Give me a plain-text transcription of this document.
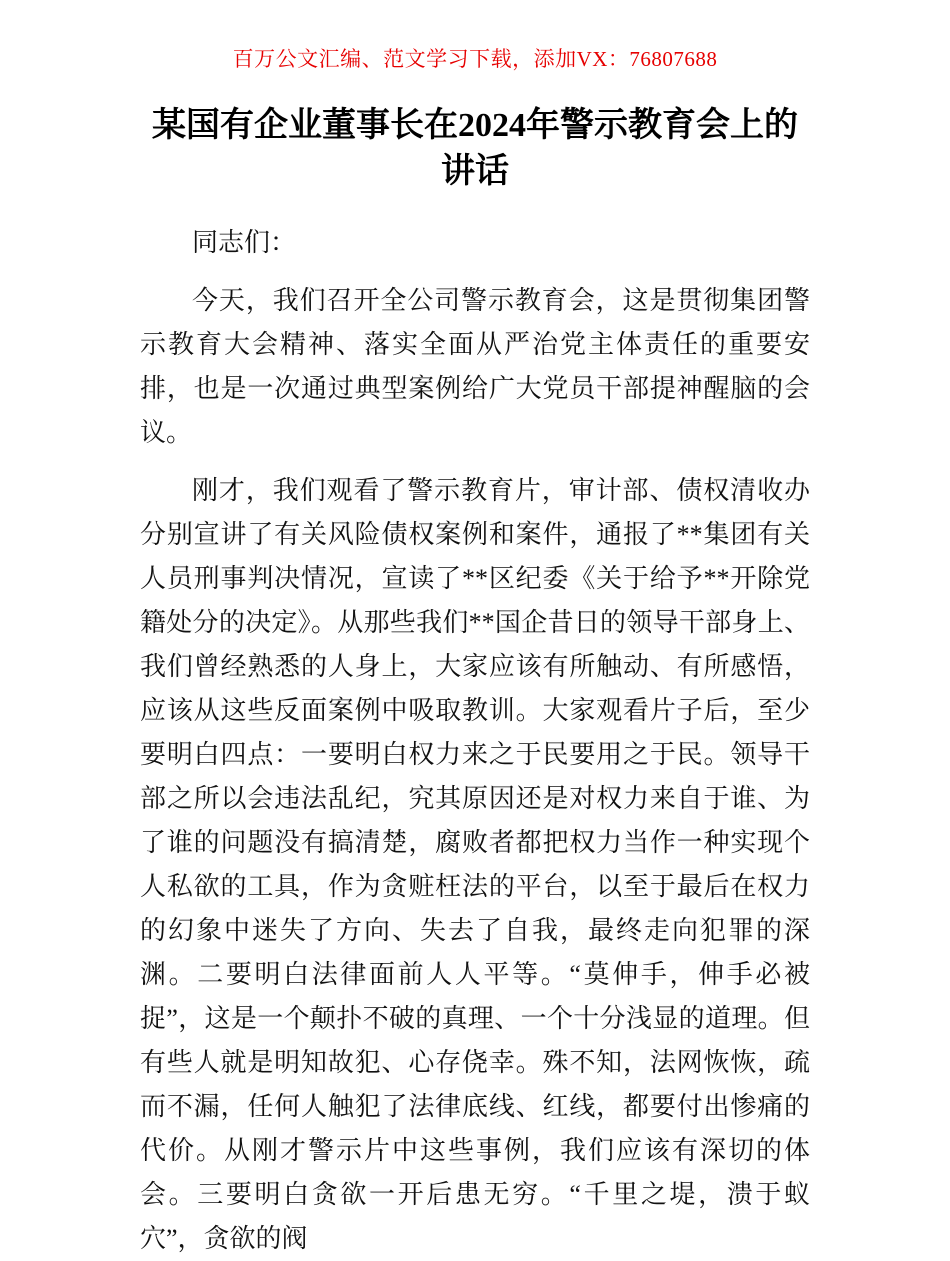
百万公文汇编、范文学习下载，添加VX：76807688
某国有企业董事长在2024年警示教育会上的讲话

同志们：

今天，我们召开全公司警示教育会，这是贯彻集团警示教育大会精神、落实全面从严治党主体责任的重要安排，也是一次通过典型案例给广大党员干部提神醒脑的会议。

刚才，我们观看了警示教育片，审计部、债权清收办分别宣讲了有关风险债权案例和案件，通报了**集团有关人员刑事判决情况，宣读了**区纪委《关于给予**开除党籍处分的决定》。从那些我们**国企昔日的领导干部身上、我们曾经熟悉的人身上，大家应该有所触动、有所感悟，应该从这些反面案例中吸取教训。大家观看片子后，至少要明白四点：一要明白权力来之于民要用之于民。领导干部之所以会违法乱纪，究其原因还是对权力来自于谁、为了谁的问题没有搞清楚，腐败者都把权力当作一种实现个人私欲的工具，作为贪赃枉法的平台，以至于最后在权力的幻象中迷失了方向、失去了自我，最终走向犯罪的深渊。二要明白法律面前人人平等。“莫伸手，伸手必被捉”，这是一个颠扑不破的真理、一个十分浅显的道理。但有些人就是明知故犯、心存侥幸。殊不知，法网恢恢，疏而不漏，任何人触犯了法律底线、红线，都要付出惨痛的代价。从刚才警示片中这些事例，我们应该有深切的体会。三要明白贪欲一开后患无穷。“千里之堤，溃于蚁穴”，贪欲的阀
